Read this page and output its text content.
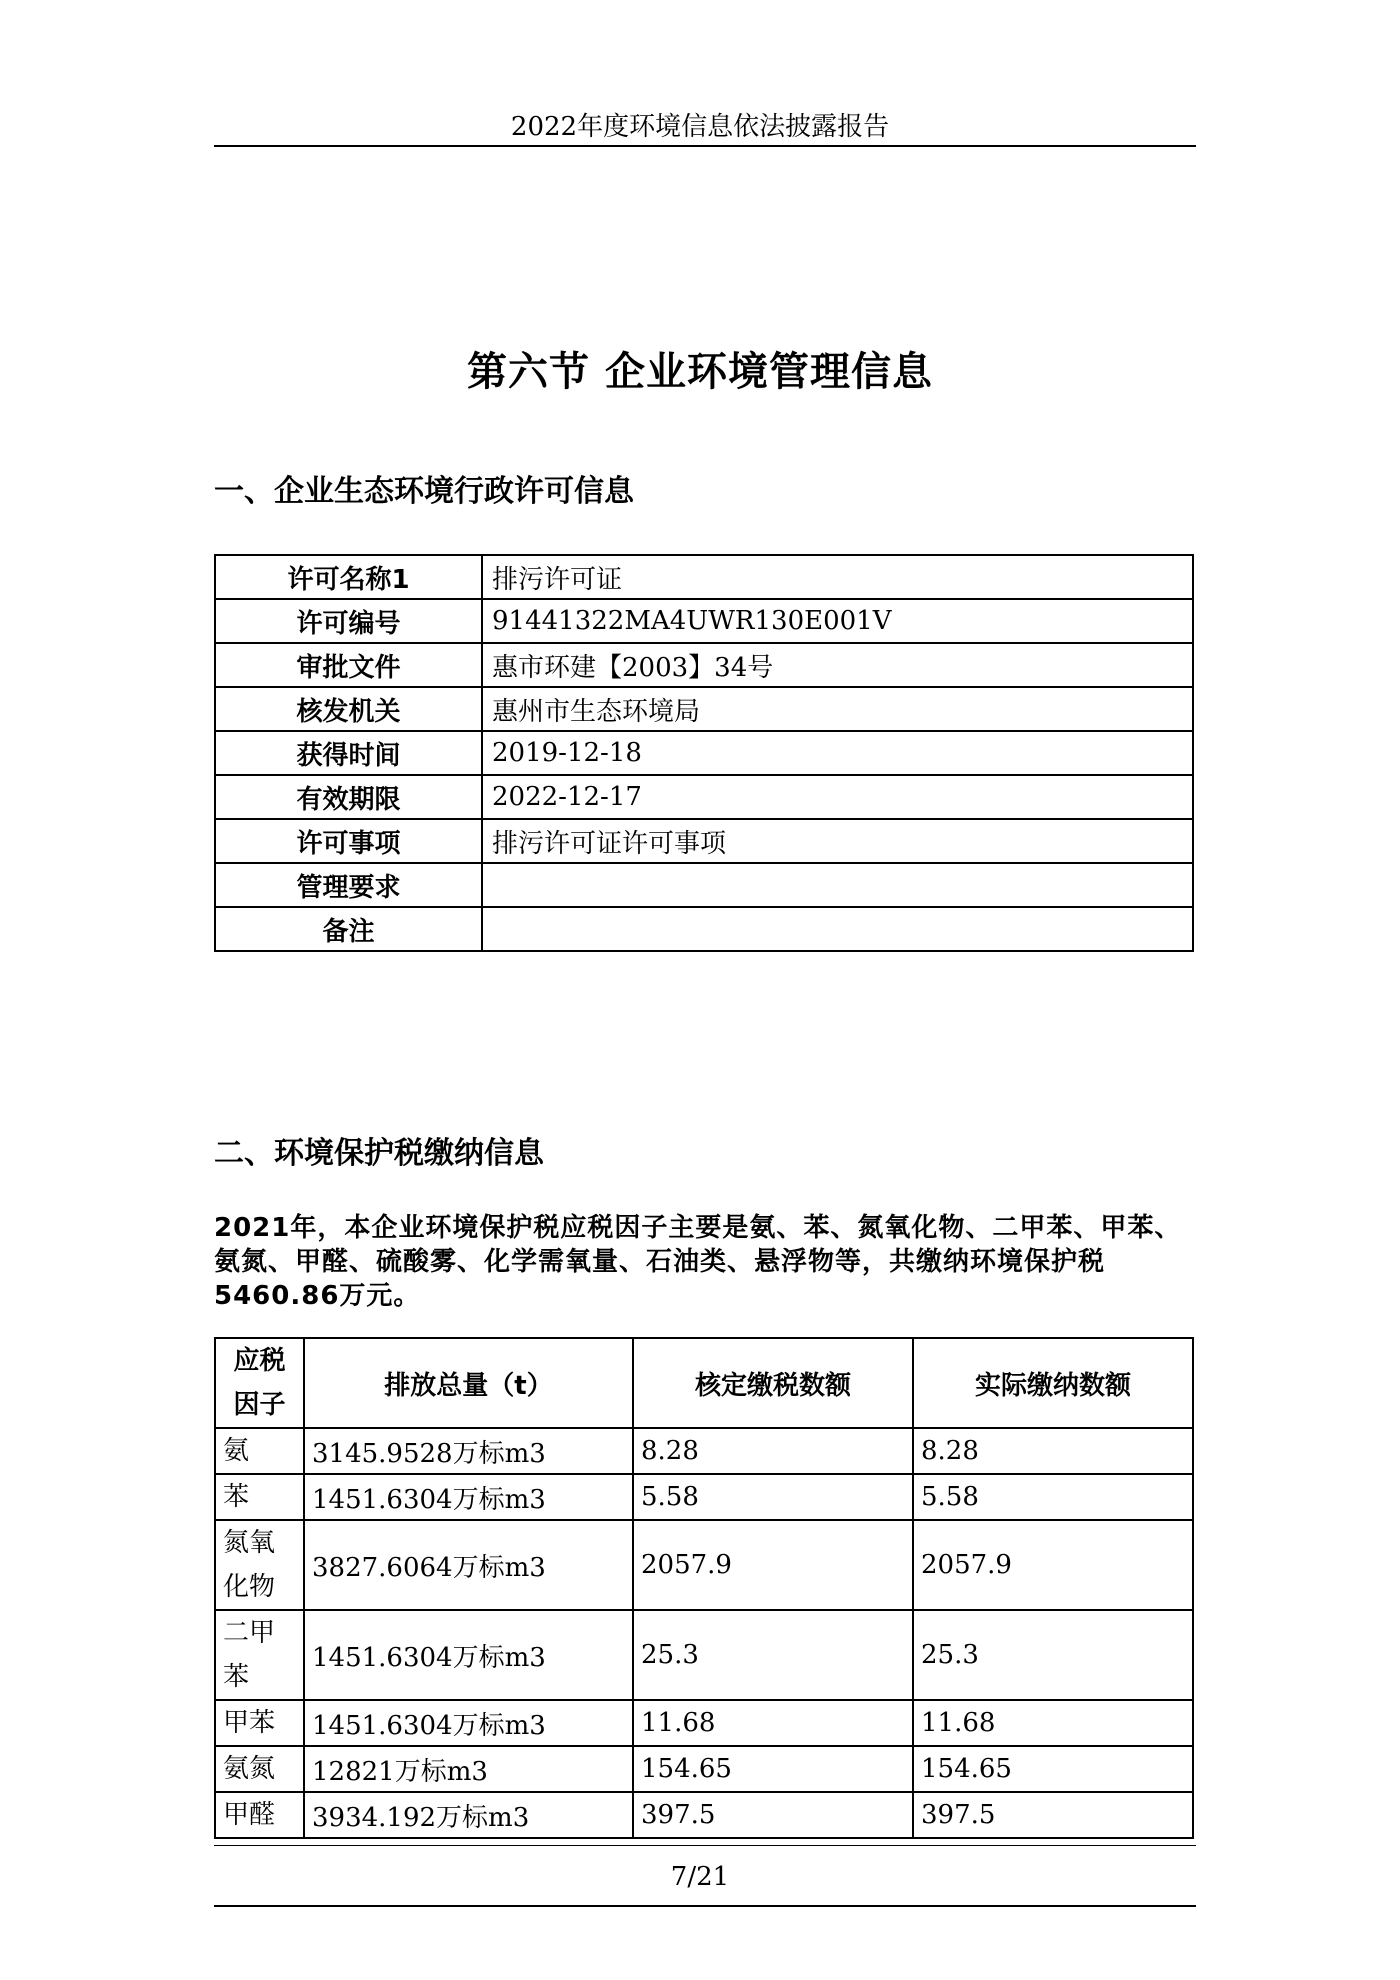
2022年度环境信息依法披露报告
第六节 企业环境管理信息
一、企业生态环境行政许可信息
许可名称1	排污许可证
许可编号	91441322MA4UWR130E001V
审批文件	惠市环建【2003】34号
核发机关	惠州市生态环境局
获得时间	2019-12-18
有效期限	2022-12-17
许可事项	排污许可证许可事项
管理要求	
备注	
二、环境保护税缴纳信息
2021年，本企业环境保护税应税因子主要是氨、苯、氮氧化物、二甲苯、甲苯、氨氮、甲醛、硫酸雾、化学需氧量、石油类、悬浮物等，共缴纳环境保护税5460.86万元。
应税
因子	排放总量（t）	核定缴税数额	实际缴纳数额
氨	3145.9528万标m3	8.28	8.28
苯	1451.6304万标m3	5.58	5.58
氮氧
化物	3827.6064万标m3	2057.9	2057.9
二甲
苯	1451.6304万标m3	25.3	25.3
甲苯	1451.6304万标m3	11.68	11.68
氨氮	12821万标m3	154.65	154.65
甲醛	3934.192万标m3	397.5	397.5
7/21
